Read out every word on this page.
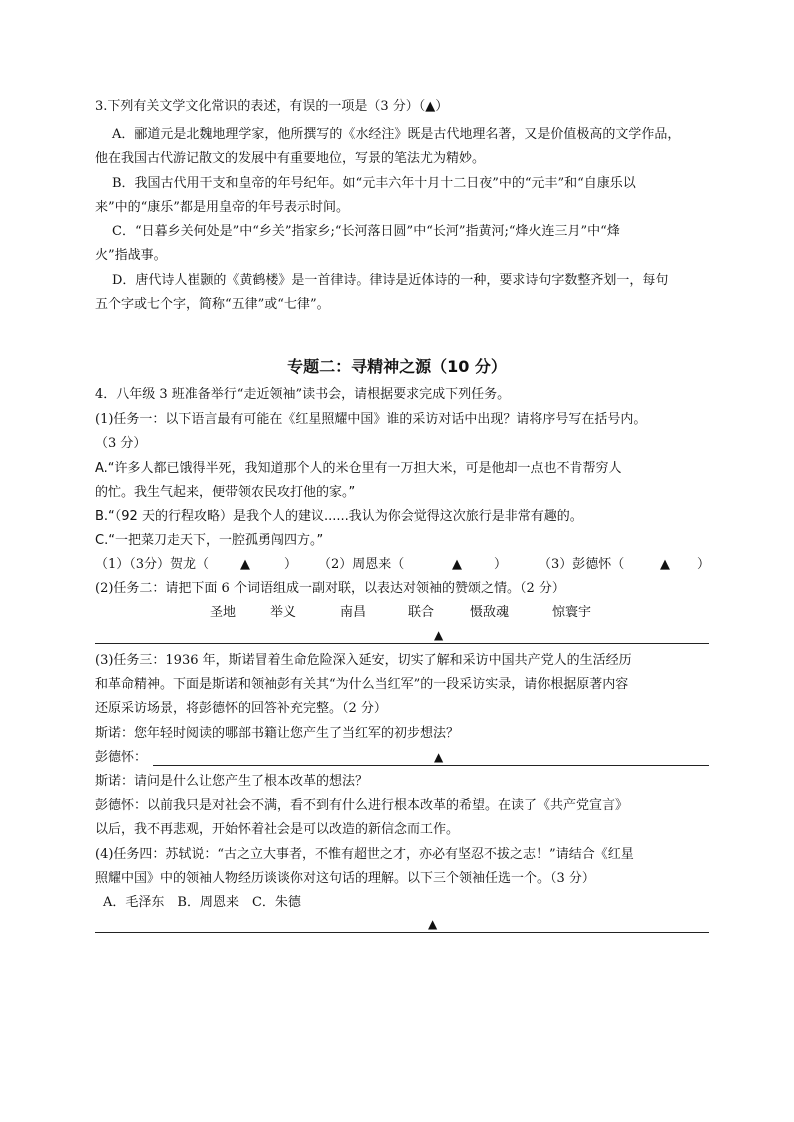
3.下列有关文学文化常识的表述，有误的一项是（3 分）（▲）
A．郦道元是北魏地理学家，他所撰写的《水经注》既是古代地理名著，又是价值极高的文学作品，
他在我国古代游记散文的发展中有重要地位，写景的笔法尤为精妙。
B．我国古代用干支和皇帝的年号纪年。如“元丰六年十月十二日夜”中的“元丰”和“自康乐以
来”中的“康乐”都是用皇帝的年号表示时间。
C．“日暮乡关何处是”中“乡关”指家乡;“长河落日圆”中“长河”指黄河;“烽火连三月”中“烽
火”指战事。
D．唐代诗人崔颢的《黄鹤楼》是一首律诗。律诗是近体诗的一种，要求诗句字数整齐划一，每句
五个字或七个字，简称“五律”或“七律”。
专题二：寻精神之源（10 分）
4．八年级 3 班准备举行“走近领袖”读书会，请根据要求完成下列任务。
(1)任务一：以下语言最有可能在《红星照耀中国》谁的采访对话中出现？请将序号写在括号内。
（3 分）
A.“许多人都已饿得半死，我知道那个人的米仓里有一万担大米，可是他却一点也不肯帮穷人
的忙。我生气起来，便带领农民攻打他的家。”
B.“（92 天的行程攻略）是我个人的建议......我认为你会觉得这次旅行是非常有趣的。
C.“一把菜刀走天下，一腔孤勇闯四方。”
（1）（3分）贺龙（ ▲	） （2）周恩来（	▲ ） （3）彭德怀（	▲ ）
(2)任务二：请把下面 6 个词语组成一副对联，以表达对领袖的赞颂之情。（2 分）
圣地	举义	南昌	联合	慑敌魂	惊寰宇
▲
(3)任务三：1936 年，斯诺冒着生命危险深入延安，切实了解和采访中国共产党人的生活经历
和革命精神。下面是斯诺和领袖彭有关其“为什么当红军”的一段采访实录，请你根据原著内容
还原采访场景，将彭德怀的回答补充完整。（2 分）
斯诺：您年轻时阅读的哪部书籍让您产生了当红军的初步想法？
彭德怀：	▲
斯诺：请问是什么让您产生了根本改革的想法？
彭德怀：以前我只是对社会不满，看不到有什么进行根本改革的希望。在读了《共产党宣言》
以后，我不再悲观，开始怀着社会是可以改造的新信念而工作。
(4)任务四：苏轼说：“古之立大事者，不惟有超世之才，亦必有坚忍不拔之志！”请结合《红星
照耀中国》中的领袖人物经历谈谈你对这句话的理解。以下三个领袖任选一个。（3 分）
A．毛泽东　B．周恩来　C．朱德
▲
